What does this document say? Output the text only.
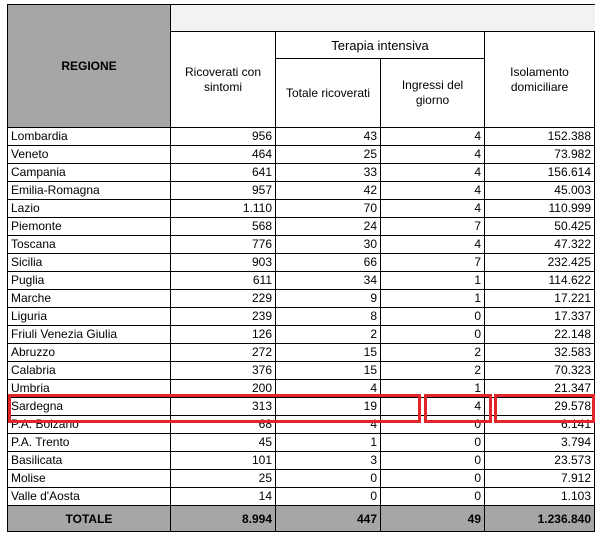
REGIONE					
	Ricoverati con sintomi	Terapia intensiva		Isolamento domiciliare	
		Totale ricoverati	Ingressi del giorno		
Lombardia	956	43	4	152.388	
Veneto	464	25	4	73.982	
Campania	641	33	4	156.614	
Emilia-Romagna	957	42	4	45.003	
Lazio	1.110	70	4	110.999	
Piemonte	568	24	7	50.425	
Toscana	776	30	4	47.322	
Sicilia	903	66	7	232.425	
Puglia	611	34	1	114.622	
Marche	229	9	1	17.221	
Liguria	239	8	0	17.337	
Friuli Venezia Giulia	126	2	0	22.148	
Abruzzo	272	15	2	32.583	
Calabria	376	15	2	70.323	
Umbria	200	4	1	21.347	
Sardegna	313	19	4	29.578	
P.A. Bolzano	68	4	0	6.141	
P.A. Trento	45	1	0	3.794	
Basilicata	101	3	0	23.573	
Molise	25	0	0	7.912	
Valle d'Aosta	14	0	0	1.103	
TOTALE	8.994	447	49	1.236.840	
